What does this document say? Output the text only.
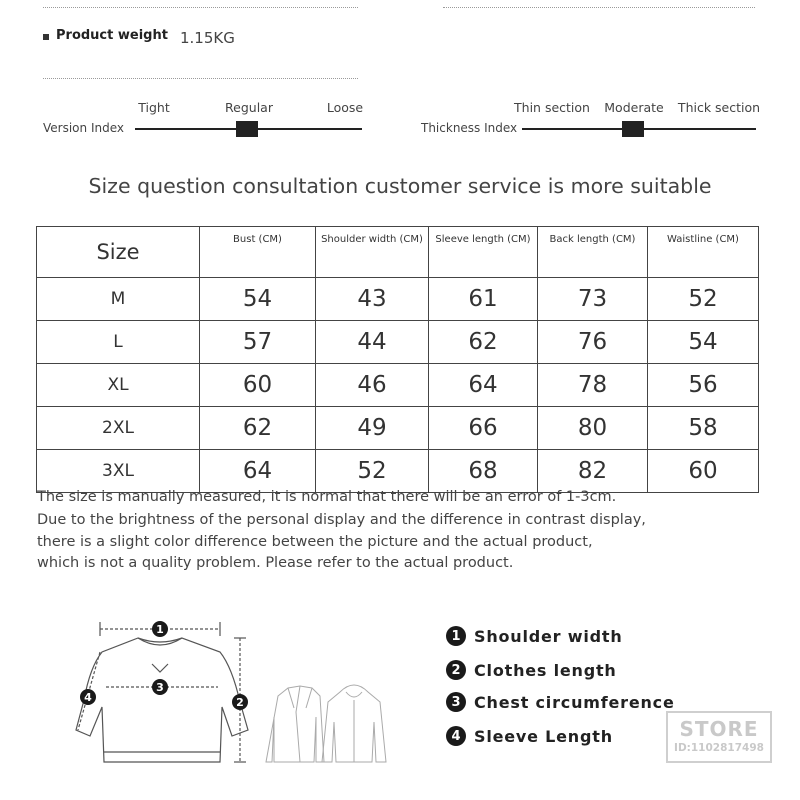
Product weight 1.15KG
Tight	Regular	Loose
Version Index
Thin section Moderate Thick section
Thickness Index
Size question consultation customer service is more suitable
Size	Bust (CM)	Shoulder width (CM)	Sleeve length (CM)	Back length (CM)	Waistline (CM)
M	54	43	61	73	52
L	57	44	62	76	54
XL	60	46	64	78	56
2XL	62	49	66	80	58
3XL	64	52	68	82	60
The size is manually measured, it is normal that there will be an error of 1-3cm.
Due to the brightness of the personal display and the difference in contrast display,
there is a slight color difference between the picture and the actual product,
which is not a quality problem. Please refer to the actual product.
1
2
3
4
1 Shoulder width
2 Clothes length
3 Chest circumference
4 Sleeve Length	STORE
ID:1102817498
